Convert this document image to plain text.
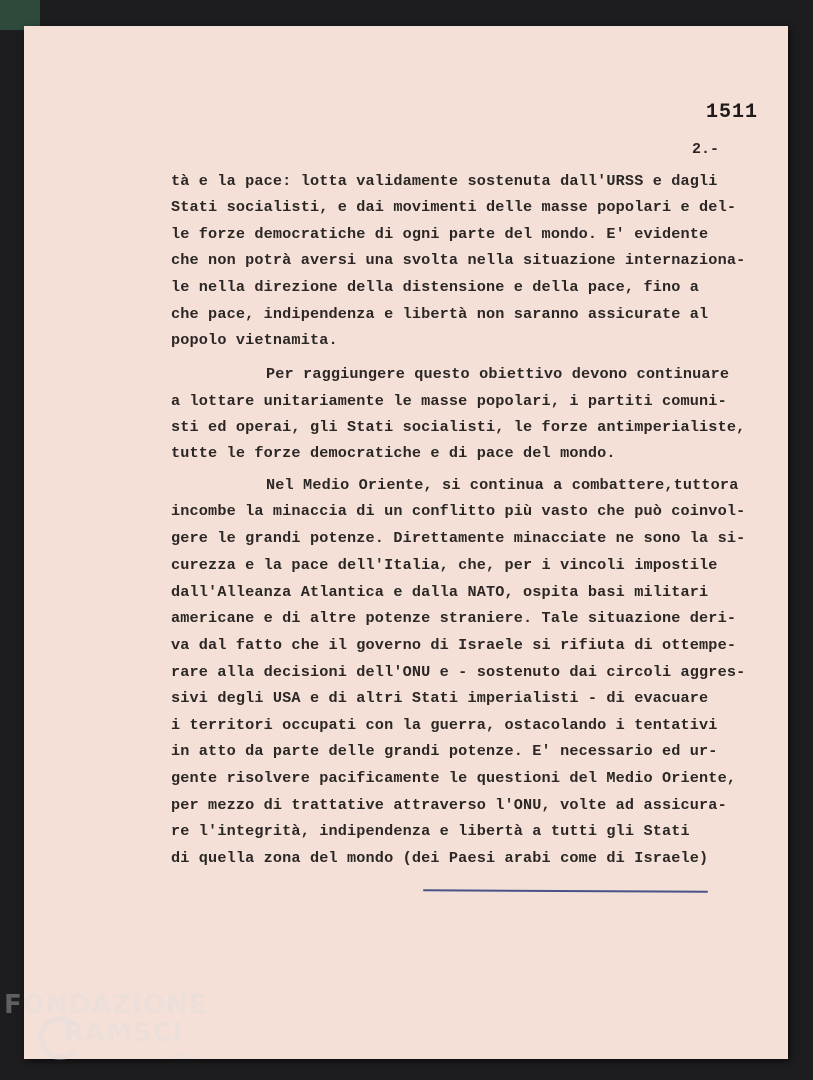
1511
2.-
tà e la pace: lotta validamente sostenuta dall'URSS e dagli
Stati socialisti, e dai movimenti delle masse popolari e del-
le forze democratiche di ogni parte del mondo. E' evidente
che non potrà aversi una svolta nella situazione internaziona-
le nella direzione della distensione e della pace, fino a
che pace, indipendenza e libertà non saranno assicurate al
popolo vietnamita.
Per raggiungere questo obiettivo devono continuare
a lottare unitariamente le masse popolari, i partiti comuni-
sti ed operai, gli Stati socialisti, le forze antimperialiste,
tutte le forze democratiche e di pace del mondo.
Nel Medio Oriente, si continua a combattere,tuttora
incombe la minaccia di un conflitto più vasto che può coinvol-
gere le grandi potenze. Direttamente minacciate ne sono la si-
curezza e la pace dell'Italia, che, per i vincoli impostile
dall'Alleanza Atlantica e dalla NATO, ospita basi militari
americane e di altre potenze straniere. Tale situazione deri-
va dal fatto che il governo di Israele si rifiuta di ottempe-
rare alla decisioni dell'ONU e - sostenuto dai circoli aggres-
sivi degli USA e di altri Stati imperialisti - di evacuare
i territori occupati con la guerra, ostacolando i tentativi
in atto da parte delle grandi potenze. E' necessario ed ur-
gente risolvere pacificamente le questioni del Medio Oriente,
per mezzo di trattative attraverso l'ONU, volte ad assicura-
re l'integrità, indipendenza e libertà a tutti gli Stati
di quella zona del mondo (dei Paesi arabi come di Israele)
FONDAZIONE
RAMSCI
onlus
